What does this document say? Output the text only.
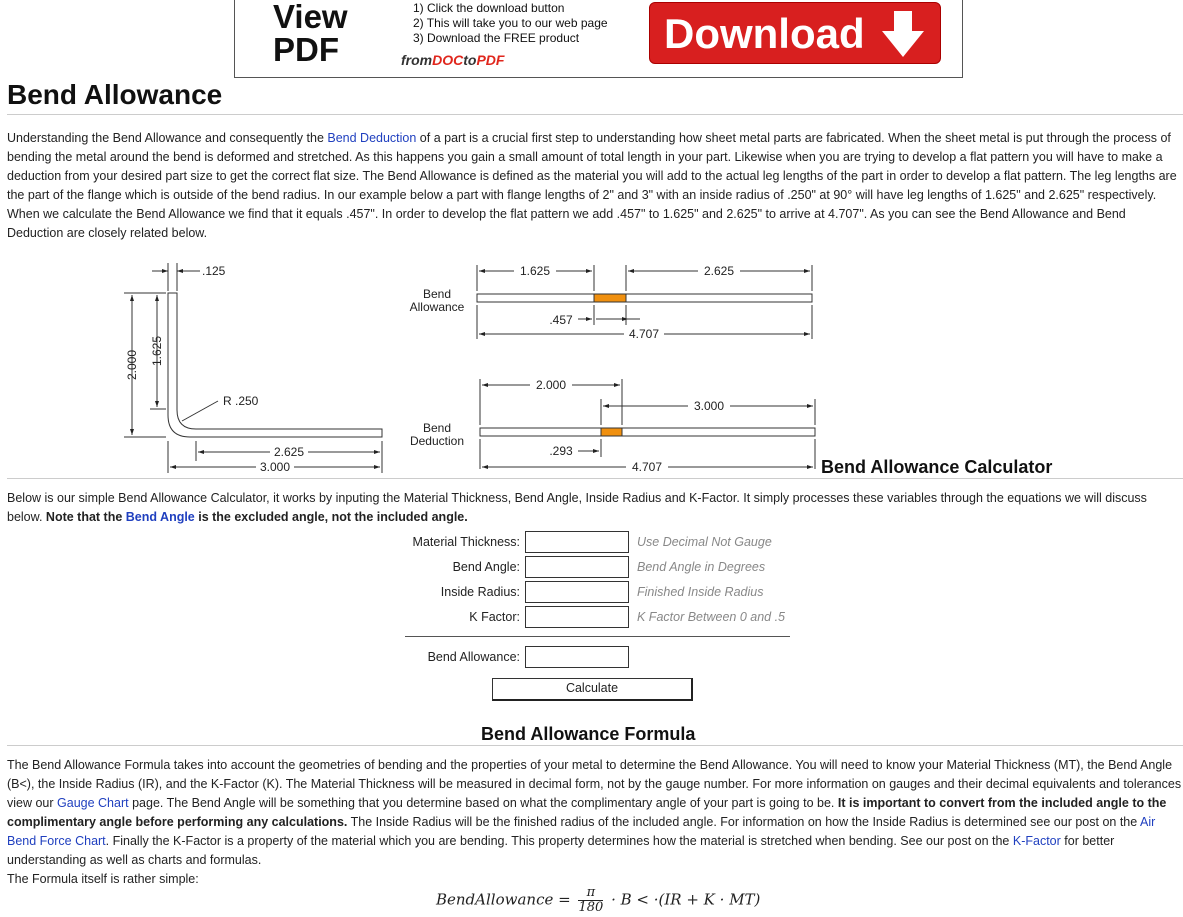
View
PDF
1) Click the download button
2) This will take you to our web page
3) Download the FREE product
fromDOCtoPDF
Download
Bend Allowance
Understanding the Bend Allowance and consequently the Bend Deduction of a part is a crucial first step to understanding how sheet metal parts are fabricated. When the sheet metal is put through the process of bending the metal around the bend is deformed and stretched. As this happens you gain a small amount of total length in your part. Likewise when you are trying to develop a flat pattern you will have to make a deduction from your desired part size to get the correct flat size. The Bend Allowance is defined as the material you will add to the actual leg lengths of the part in order to develop a flat pattern. The leg lengths are the part of the flange which is outside of the bend radius. In our example below a part with flange lengths of 2" and 3" with an inside radius of .250" at 90° will have leg lengths of 1.625" and 2.625" respectively. When we calculate the Bend Allowance we find that it equals .457". In order to develop the flat pattern we add .457" to 1.625" and 2.625" to arrive at 4.707". As you can see the Bend Allowance and Bend Deduction are closely related below.
.125
2.000 1.625
R .250
2.625
3.000
Bend
Allowance
1.625	2.625
.457
4.707
Bend
Deduction
2.000
3.000
.293
4.707	Bend Allowance Calculator
Below is our simple Bend Allowance Calculator, it works by inputing the Material Thickness, Bend Angle, Inside Radius and K-Factor. It simply processes these variables through the equations we will discuss below. Note that the Bend Angle is the excluded angle, not the included angle.
Material Thickness:	Use Decimal Not Gauge
Bend Angle:	Bend Angle in Degrees
Inside Radius:	Finished Inside Radius
K Factor:	K Factor Between 0 and .5
Bend Allowance:
Calculate
Bend Allowance Formula
The Bend Allowance Formula takes into account the geometries of bending and the properties of your metal to determine the Bend Allowance. You will need to know your Material Thickness (MT), the Bend Angle (B<), the Inside Radius (IR), and the K-Factor (K). The Material Thickness will be measured in decimal form, not by the gauge number. For more information on gauges and their decimal equivalents and tolerances view our Gauge Chart page. The Bend Angle will be something that you determine based on what the complimentary angle of your part is going to be. It is important to convert from the included angle to the complimentary angle before performing any calculations. The Inside Radius will be the finished radius of the included angle. For information on how the Inside Radius is determined see our post on the Air Bend Force Chart. Finally the K-Factor is a property of the material which you are bending. This property determines how the material is stretched when bending. See our post on the K-Factor for better understanding as well as charts and formulas.
The Formula itself is rather simple:
BendAllowance = $\frac{\pi}{180} \cdot B < \cdot(IR + K \cdot MT)$
